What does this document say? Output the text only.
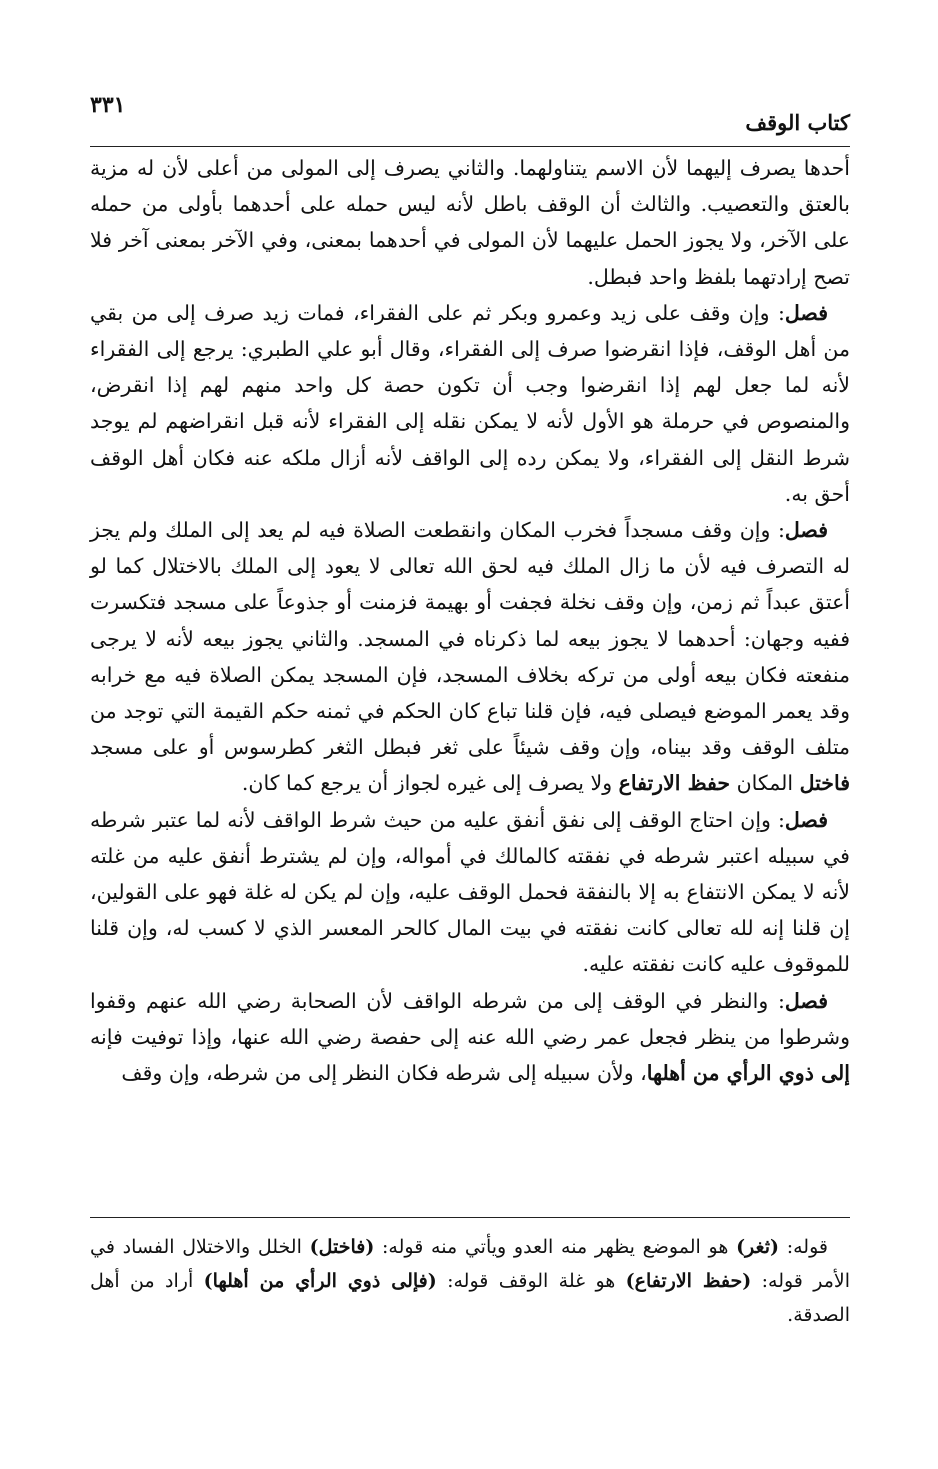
كتاب الوقف
٣٣١

أحدها يصرف إليهما لأن الاسم يتناولهما. والثاني يصرف إلى المولى من أعلى لأن له مزية بالعتق والتعصيب. والثالث أن الوقف باطل لأنه ليس حمله على أحدهما بأولى من حمله على الآخر، ولا يجوز الحمل عليهما لأن المولى في أحدهما بمعنى، وفي الآخر بمعنى آخر فلا تصح إرادتهما بلفظ واحد فبطل.

فصل: وإن وقف على زيد وعمرو وبكر ثم على الفقراء، فمات زيد صرف إلى من بقي من أهل الوقف، فإذا انقرضوا صرف إلى الفقراء، وقال أبو علي الطبري: يرجع إلى الفقراء لأنه لما جعل لهم إذا انقرضوا وجب أن تكون حصة كل واحد منهم لهم إذا انقرض، والمنصوص في حرملة هو الأول لأنه لا يمكن نقله إلى الفقراء لأنه قبل انقراضهم لم يوجد شرط النقل إلى الفقراء، ولا يمكن رده إلى الواقف لأنه أزال ملكه عنه فكان أهل الوقف أحق به.

فصل: وإن وقف مسجداً فخرب المكان وانقطعت الصلاة فيه لم يعد إلى الملك ولم يجز له التصرف فيه لأن ما زال الملك فيه لحق الله تعالى لا يعود إلى الملك بالاختلال كما لو أعتق عبداً ثم زمن، وإن وقف نخلة فجفت أو بهيمة فزمنت أو جذوعاً على مسجد فتكسرت ففيه وجهان: أحدهما لا يجوز بيعه لما ذكرناه في المسجد. والثاني يجوز بيعه لأنه لا يرجى منفعته فكان بيعه أولى من تركه بخلاف المسجد، فإن المسجد يمكن الصلاة فيه مع خرابه وقد يعمر الموضع فيصلى فيه، فإن قلنا تباع كان الحكم في ثمنه حكم القيمة التي توجد من متلف الوقف وقد بيناه، وإن وقف شيئاً على ثغر فبطل الثغر كطرسوس أو على مسجد فاختل المكان حفظ الارتفاع ولا يصرف إلى غيره لجواز أن يرجع كما كان.

فصل: وإن احتاج الوقف إلى نفق أنفق عليه من حيث شرط الواقف لأنه لما عتبر شرطه في سبيله اعتبر شرطه في نفقته كالمالك في أمواله، وإن لم يشترط أنفق عليه من غلته لأنه لا يمكن الانتفاع به إلا بالنفقة فحمل الوقف عليه، وإن لم يكن له غلة فهو على القولين، إن قلنا إنه لله تعالى كانت نفقته في بيت المال كالحر المعسر الذي لا كسب له، وإن قلنا للموقوف عليه كانت نفقته عليه.

فصل: والنظر في الوقف إلى من شرطه الواقف لأن الصحابة رضي الله عنهم وقفوا وشرطوا من ينظر فجعل عمر رضي الله عنه إلى حفصة رضي الله عنها، وإذا توفيت فإنه إلى ذوي الرأي من أهلها، ولأن سبيله إلى شرطه فكان النظر إلى من شرطه، وإن وقف

قوله: (ثغر) هو الموضع يظهر منه العدو ويأتي منه قوله: (فاختل) الخلل والاختلال الفساد في الأمر قوله: (حفظ الارتفاع) هو غلة الوقف قوله: (فإلى ذوي الرأي من أهلها) أراد من أهل الصدقة.
